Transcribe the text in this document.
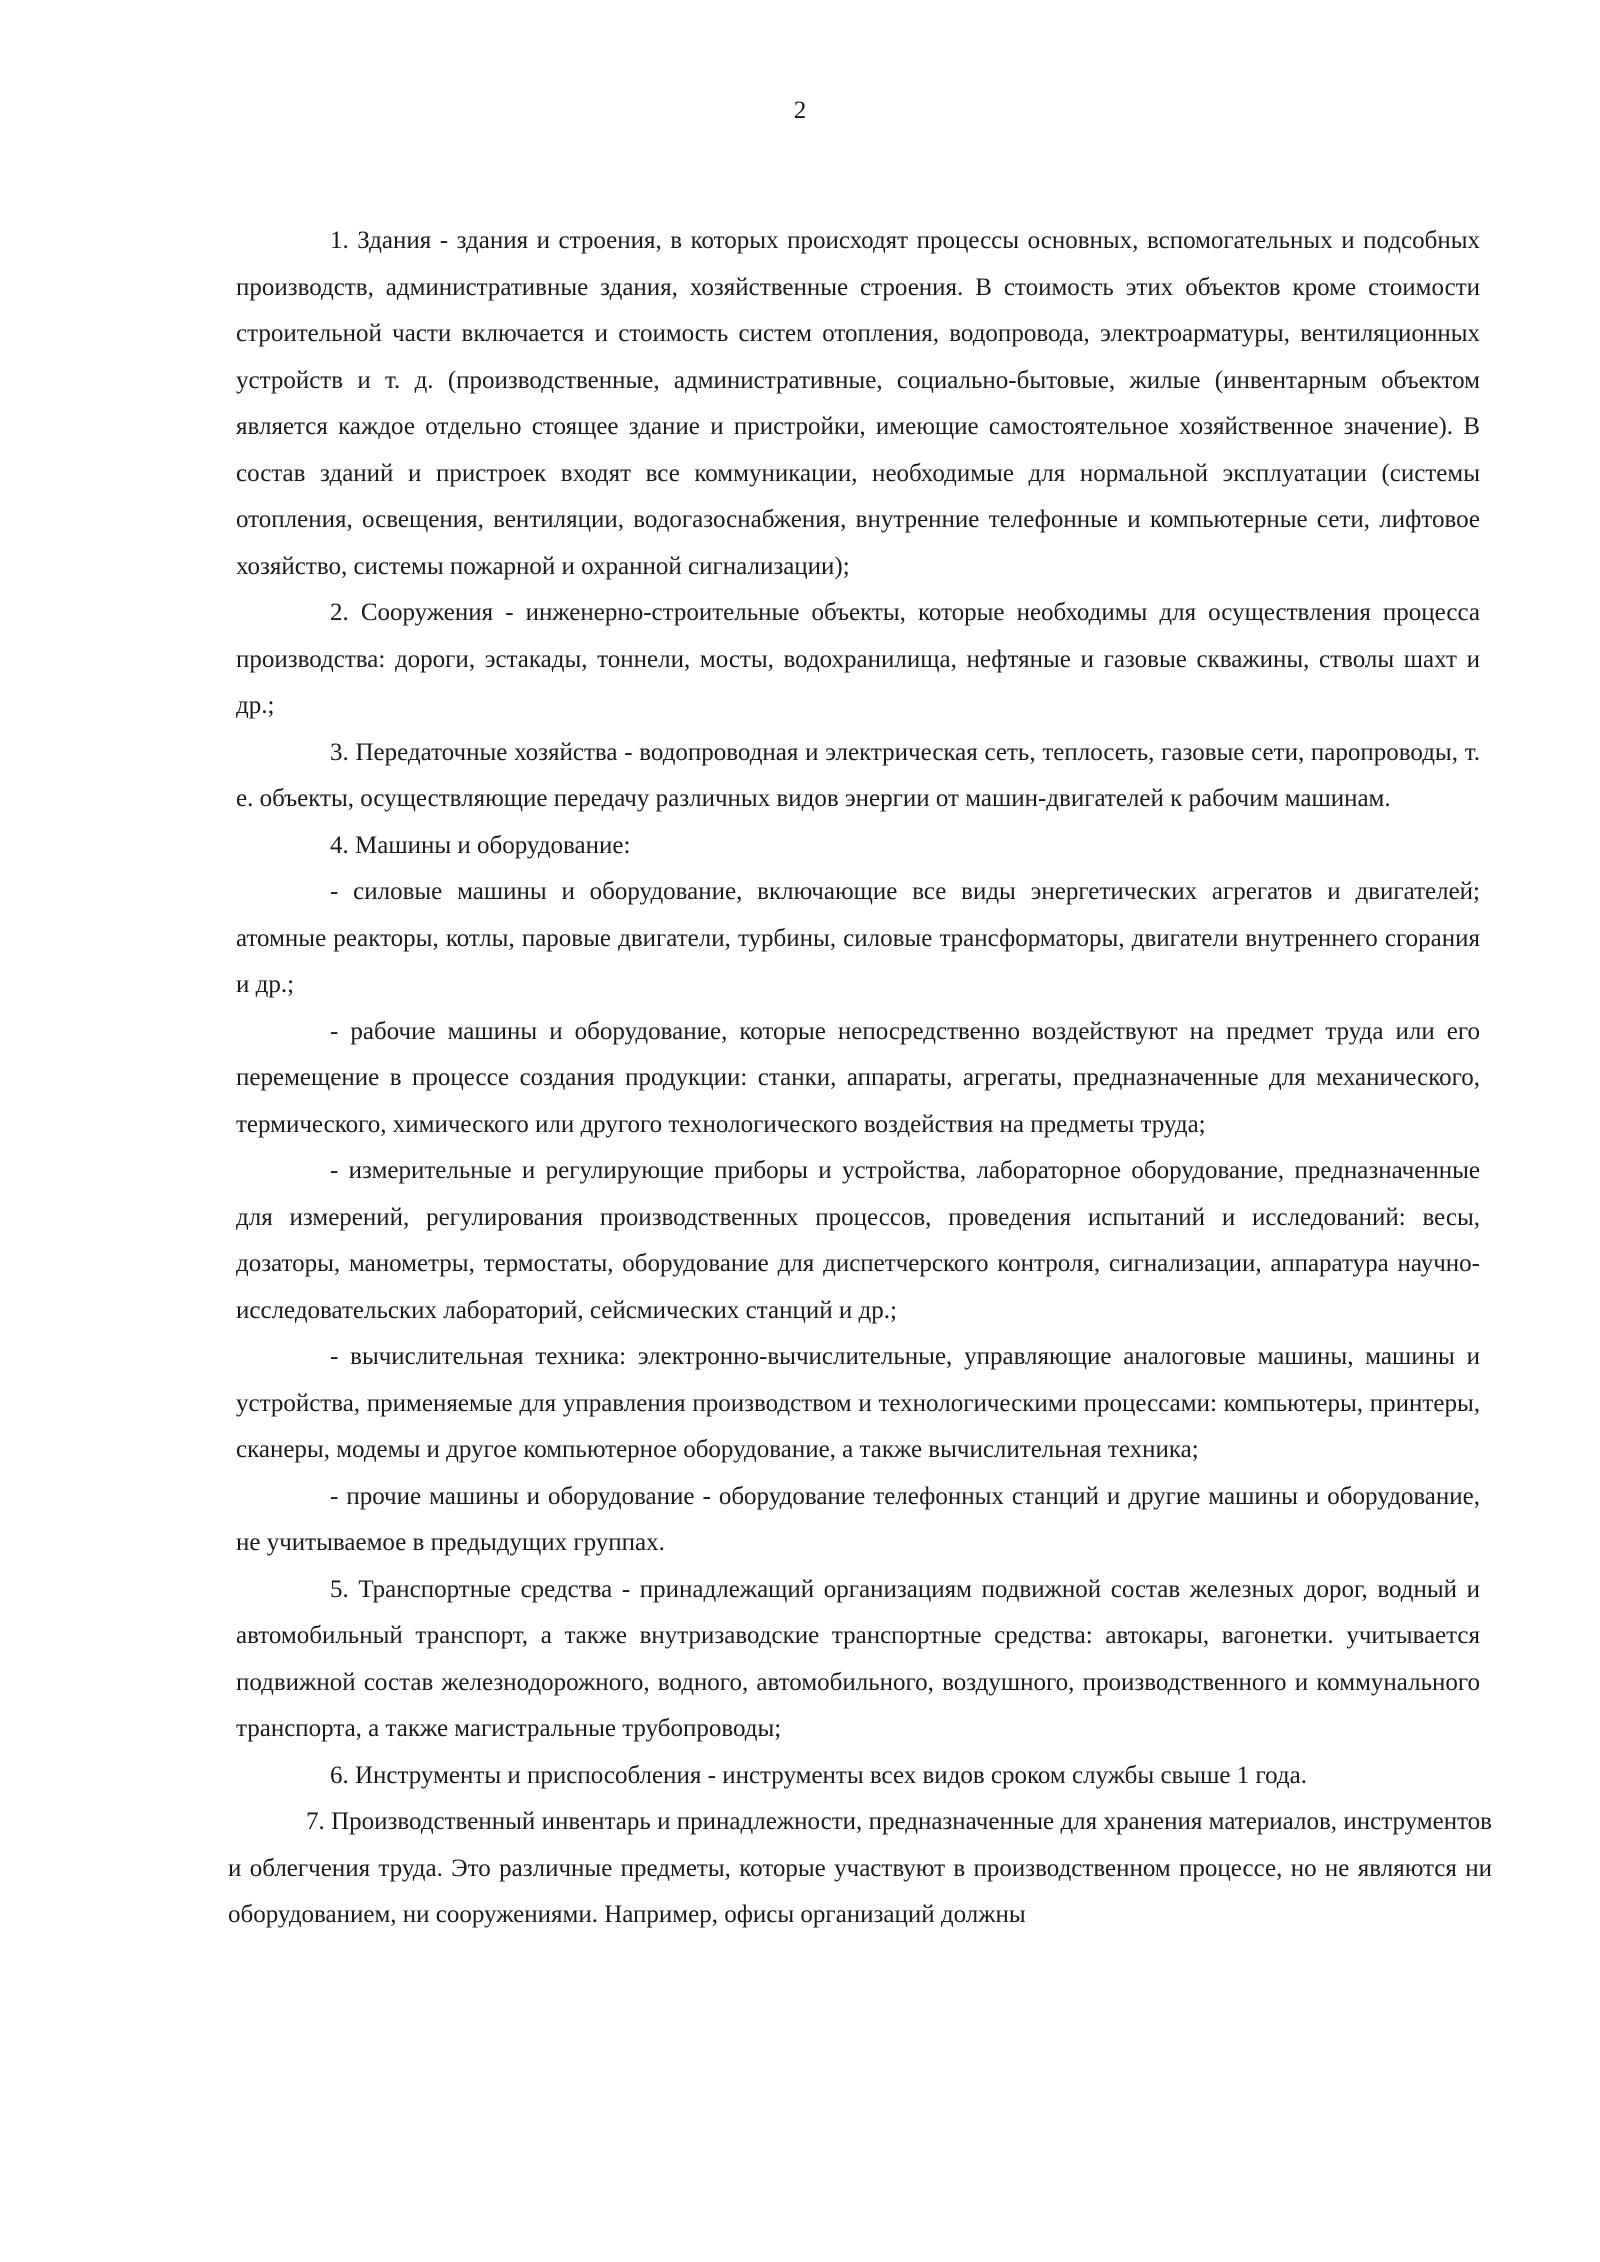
2

1. Здания - здания и строения, в которых происходят процессы основных, вспомогательных и подсобных производств, административные здания, хозяйственные строения. В стоимость этих объектов кроме стоимости строительной части включается и стоимость систем отопления, водопровода, электроарматуры, вентиляционных устройств и т. д. (производственные, административные, социально-бытовые, жилые (инвентарным объектом является каждое отдельно стоящее здание и пристройки, имеющие самостоятельное хозяйственное значение). В состав зданий и пристроек входят все коммуникации, необходимые для нормальной эксплуатации (системы отопления, освещения, вентиляции, водогазоснабжения, внутренние телефонные и компьютерные сети, лифтовое хозяйство, системы пожарной и охранной сигнализации);

2. Сооружения - инженерно-строительные объекты, которые необходимы для осуществления процесса производства: дороги, эстакады, тоннели, мосты, водохранилища, нефтяные и газовые скважины, стволы шахт и др.;

3. Передаточные хозяйства - водопроводная и электрическая сеть, теплосеть, газовые сети, паропроводы, т. е. объекты, осуществляющие передачу различных видов энергии от машин-двигателей к рабочим машинам.

4. Машины и оборудование:

- силовые машины и оборудование, включающие все виды энергетических агрегатов и двигателей; атомные реакторы, котлы, паровые двигатели, турбины, силовые трансформаторы, двигатели внутреннего сгорания и др.;

- рабочие машины и оборудование, которые непосредственно воздействуют на предмет труда или его перемещение в процессе создания продукции: станки, аппараты, агрегаты, предназначенные для механического, термического, химического или другого технологического воздействия на предметы труда;

- измерительные и регулирующие приборы и устройства, лабораторное оборудование, предназначенные для измерений, регулирования производственных процессов, проведения испытаний и исследований: весы, дозаторы, манометры, термостаты, оборудование для диспетчерского контроля, сигнализации, аппаратура научно-исследовательских лабораторий, сейсмических станций и др.;

- вычислительная техника: электронно-вычислительные, управляющие аналоговые машины, машины и устройства, применяемые для управления производством и технологическими процессами: компьютеры, принтеры, сканеры, модемы и другое компьютерное оборудование, а также вычислительная техника;

- прочие машины и оборудование - оборудование телефонных станций и другие машины и оборудование, не учитываемое в предыдущих группах.

5. Транспортные средства - принадлежащий организациям подвижной состав железных дорог, водный и автомобильный транспорт, а также внутризаводские транспортные средства: автокары, вагонетки. учитывается подвижной состав железнодорожного, водного, автомобильного, воздушного, производственного и коммунального транспорта, а также магистральные трубопроводы;

6. Инструменты и приспособления - инструменты всех видов сроком службы свыше 1 года.

7. Производственный инвентарь и принадлежности, предназначенные для хранения материалов, инструментов и облегчения труда. Это различные предметы, которые участвуют в производственном процессе, но не являются ни оборудованием, ни сооружениями. Например, офисы организаций должны
